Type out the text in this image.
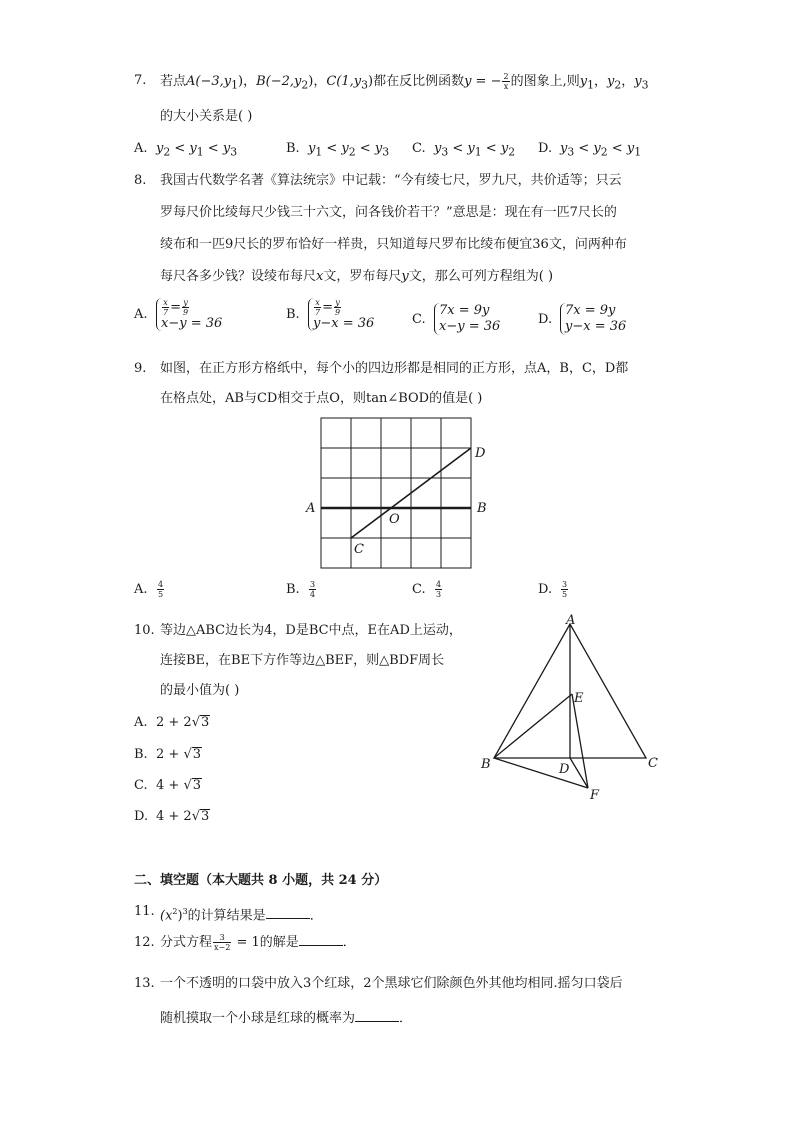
7. 若点$A(-3,y_1)$，$B(-2,y_2)$，$C(1,y_3)$都在反比例函数y = − $\frac{2}{x}$ 的图象上,则$y_1$，$y_2$，$y_3$
的大小关系是( )
A. $y_2 < y_1 < y_3$	B. $y_1 < y_2 < y_3$ C. $y_3 < y_1 < y_2$ D. $y_3 < y_2 < y_1$
8. 我国古代数学名著《算法统宗》中记载：“今有绫七尺，罗九尺，共价适等；只云
罗每尺价比绫每尺少钱三十六文，问各钱价若干？”意思是：现在有一匹7尺长的
绫布和一匹9尺长的罗布恰好一样贵，只知道每尺罗布比绫布便宜36文，问两种布
每尺各多少钱？设绫布每尺x文，罗布每尺y文，那么可列方程组为( )
A. $\frac{x}{7} = \frac{y}{9}$
x−y = 36
B. $\frac{x}{7} = \frac{y}{9}$
y−x = 36	C.
7x = 9y
x−y = 36	D.
7x = 9y
y−x = 36
9. 如图，在正方形方格纸中，每个小的四边形都是相同的正方形，点A，B，C，D都
在格点处，AB与CD相交于点O，则tan∠BOD的值是( )
A	B
C
D
O
A. $\frac{4}{5}$	B. $\frac{3}{4}$	C. $\frac{4}{3}$	D. $\frac{3}{5}$
10. 等边△ABC边长为4，D是BC中点，E在AD上运动，
连接BE，在BE下方作等边△BEF，则△BDF周长
的最小值为( )
A. 2 + 2√3
B. 2 + √3
C. 4 + √3
D. 4 + 2√3
A
B	C
D
E
F
二、填空题（本大题共 8 小题，共 24 分）
11. $(x^2)^3$的计算结果是	．
12. 分式方程 $\frac{3}{x-2} = 1$的解是	．
13. 一个不透明的口袋中放入3个红球，2个黑球它们除颜色外其他均相同.摇匀口袋后
随机摸取一个小球是红球的概率为	．
